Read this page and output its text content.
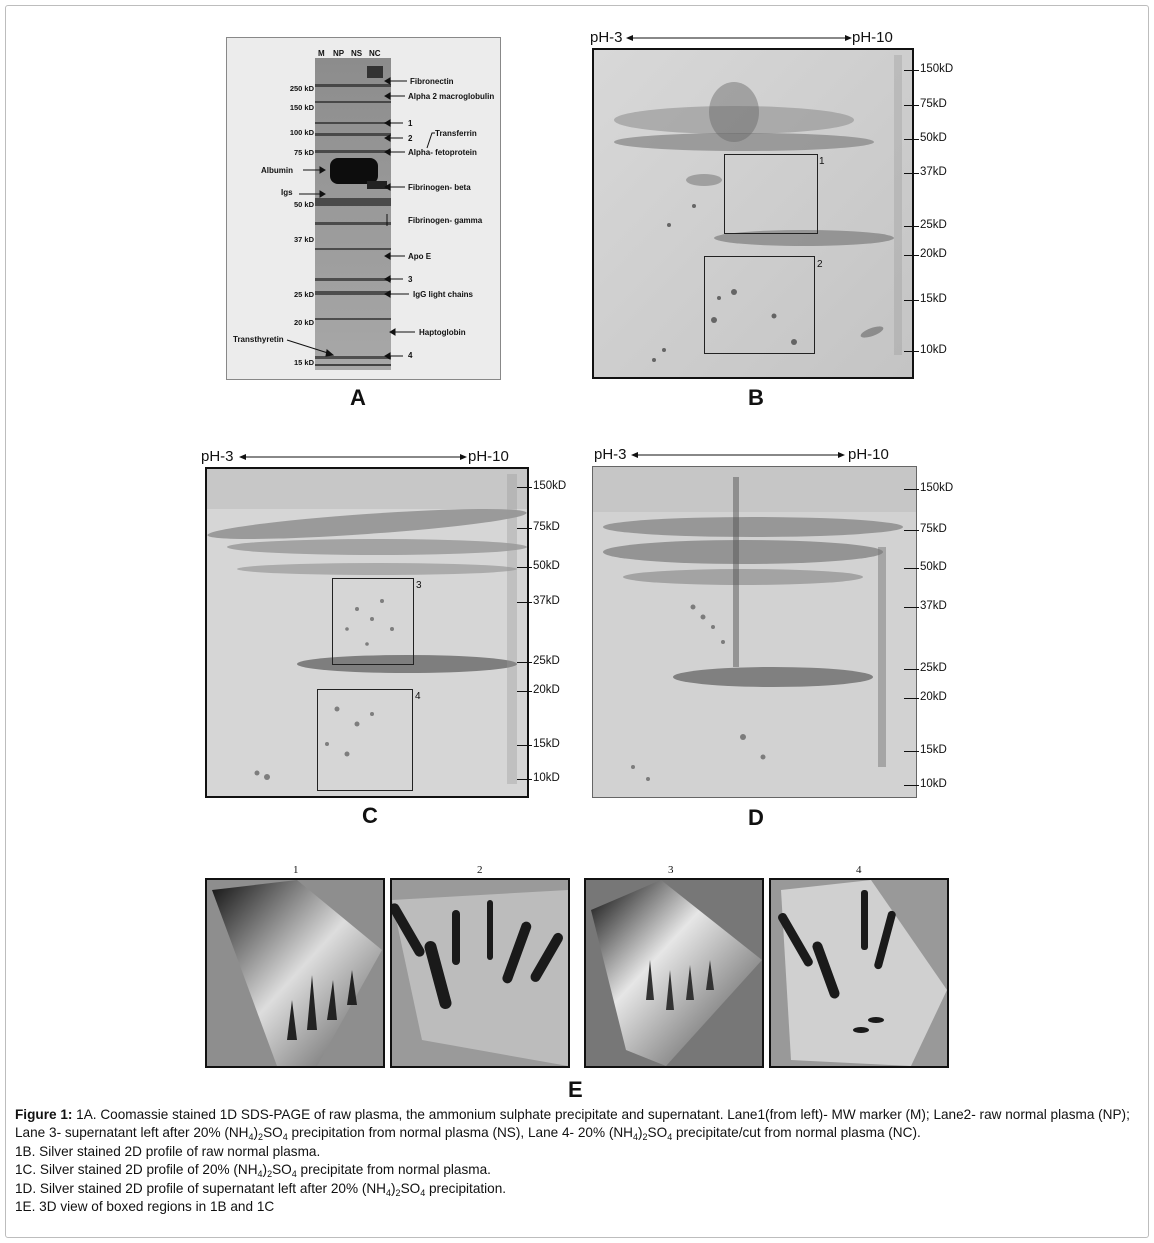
M NP NS NC
250 kD
150 kD
100 kD
75 kD
50 kD
37 kD
25 kD
20 kD
15 kD
Albumin
Igs
Transthyretin
Fibronectin
Alpha 2 macroglobulin
1
2
Transferrin
Alpha- fetoprotein
Fibrinogen- beta
Fibrinogen- gamma
Apo E
3
IgG light chains
Haptoglobin
4
A
pH-3	pH-10
1
2
150kD
75kD
50kD
37kD
25kD
20kD
15kD
10kD
B
pH-3	pH-10
3
4
150kD
75kD
50kD
37kD
25kD
20kD
15kD
10kD
C
pH-3	pH-10
150kD
75kD
50kD
37kD
25kD
20kD
15kD
10kD
D
1	2	3	4
E

Figure 1: 1A. Coomassie stained 1D SDS-PAGE of raw plasma, the ammonium sulphate precipitate and supernatant. Lane1(from left)- MW marker (M); Lane2- raw normal plasma (NP); Lane 3- supernatant left after 20% $(NH_4)_2SO_4$ precipitation from normal plasma (NS), Lane 4- 20% $(NH_4)_2SO_4$ precipitate/cut from normal plasma (NC).

1B. Silver stained 2D profile of raw normal plasma.

1C. Silver stained 2D profile of 20% $(NH_4)_2SO_4$ precipitate from normal plasma.

1D. Silver stained 2D profile of supernatant left after 20% $(NH_4)_2SO_4$ precipitation.

1E. 3D view of boxed regions in 1B and 1C
